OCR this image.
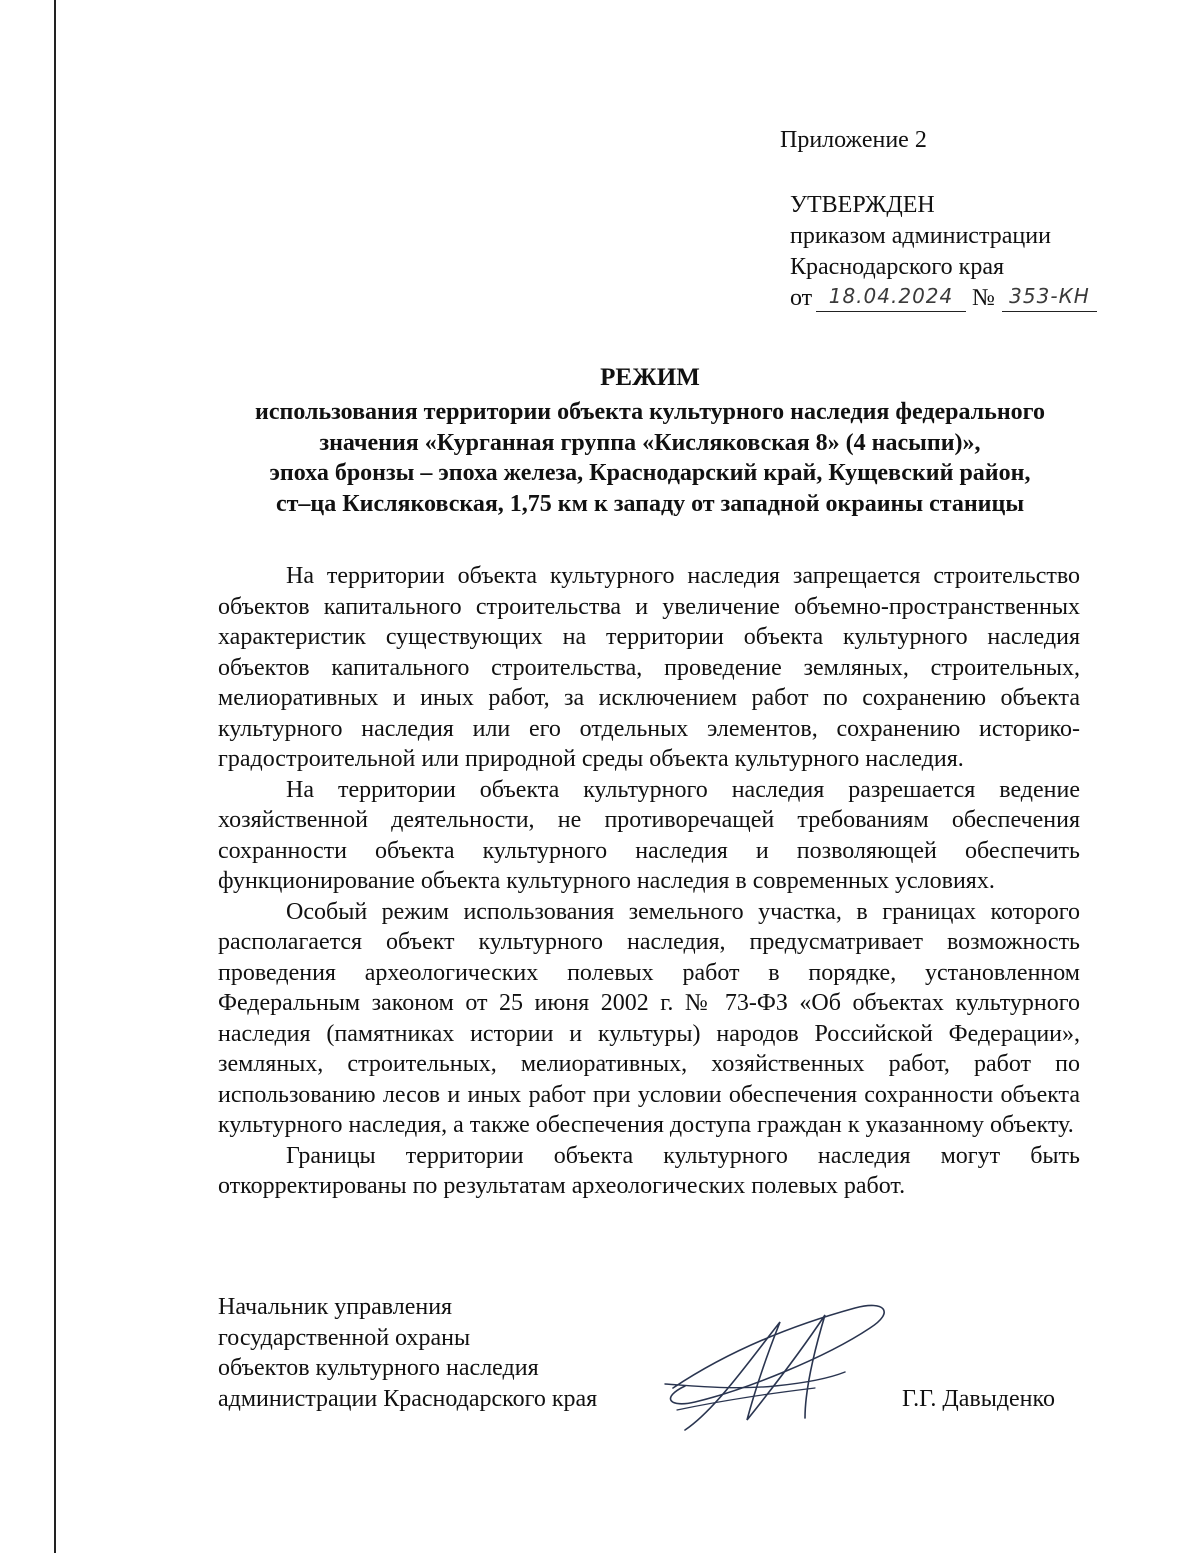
Приложение 2
УТВЕРЖДЕН
приказом администрации
Краснодарского края
от 18.04.2024 № 353-КН
РЕЖИМ
использования территории объекта культурного наследия федерального
значения «Курганная группа «Кисляковская 8» (4 насыпи)»,
эпоха бронзы – эпоха железа, Краснодарский край, Кущевский район,
ст–ца Кисляковская, 1,75 км к западу от западной окраины станицы

На территории объекта культурного наследия запрещается строительство объектов капитального строительства и увеличение объемно-пространственных характеристик существующих на территории объекта культурного наследия объектов капитального строительства, проведение земляных, строительных, мелиоративных и иных работ, за исключением работ по сохранению объекта культурного наследия или его отдельных элементов, сохранению историко-градостроительной или природной среды объекта культурного наследия.

На территории объекта культурного наследия разрешается ведение хозяйственной деятельности, не противоречащей требованиям обеспечения сохранности объекта культурного наследия и позволяющей обеспечить функционирование объекта культурного наследия в современных условиях.

Особый режим использования земельного участка, в границах которого располагается объект культурного наследия, предусматривает возможность проведения археологических полевых работ в порядке, установленном Федеральным законом от 25 июня 2002 г. № 73-ФЗ «Об объектах культурного наследия (памятниках истории и культуры) народов Российской Федерации», земляных, строительных, мелиоративных, хозяйственных работ, работ по использованию лесов и иных работ при условии обеспечения сохранности объекта культурного наследия, а также обеспечения доступа граждан к указанному объекту.

Границы территории объекта культурного наследия могут быть откорректированы по результатам археологических полевых работ.

Начальник управления
государственной охраны
объектов культурного наследия
администрации Краснодарского края	Г.Г. Давыденко
